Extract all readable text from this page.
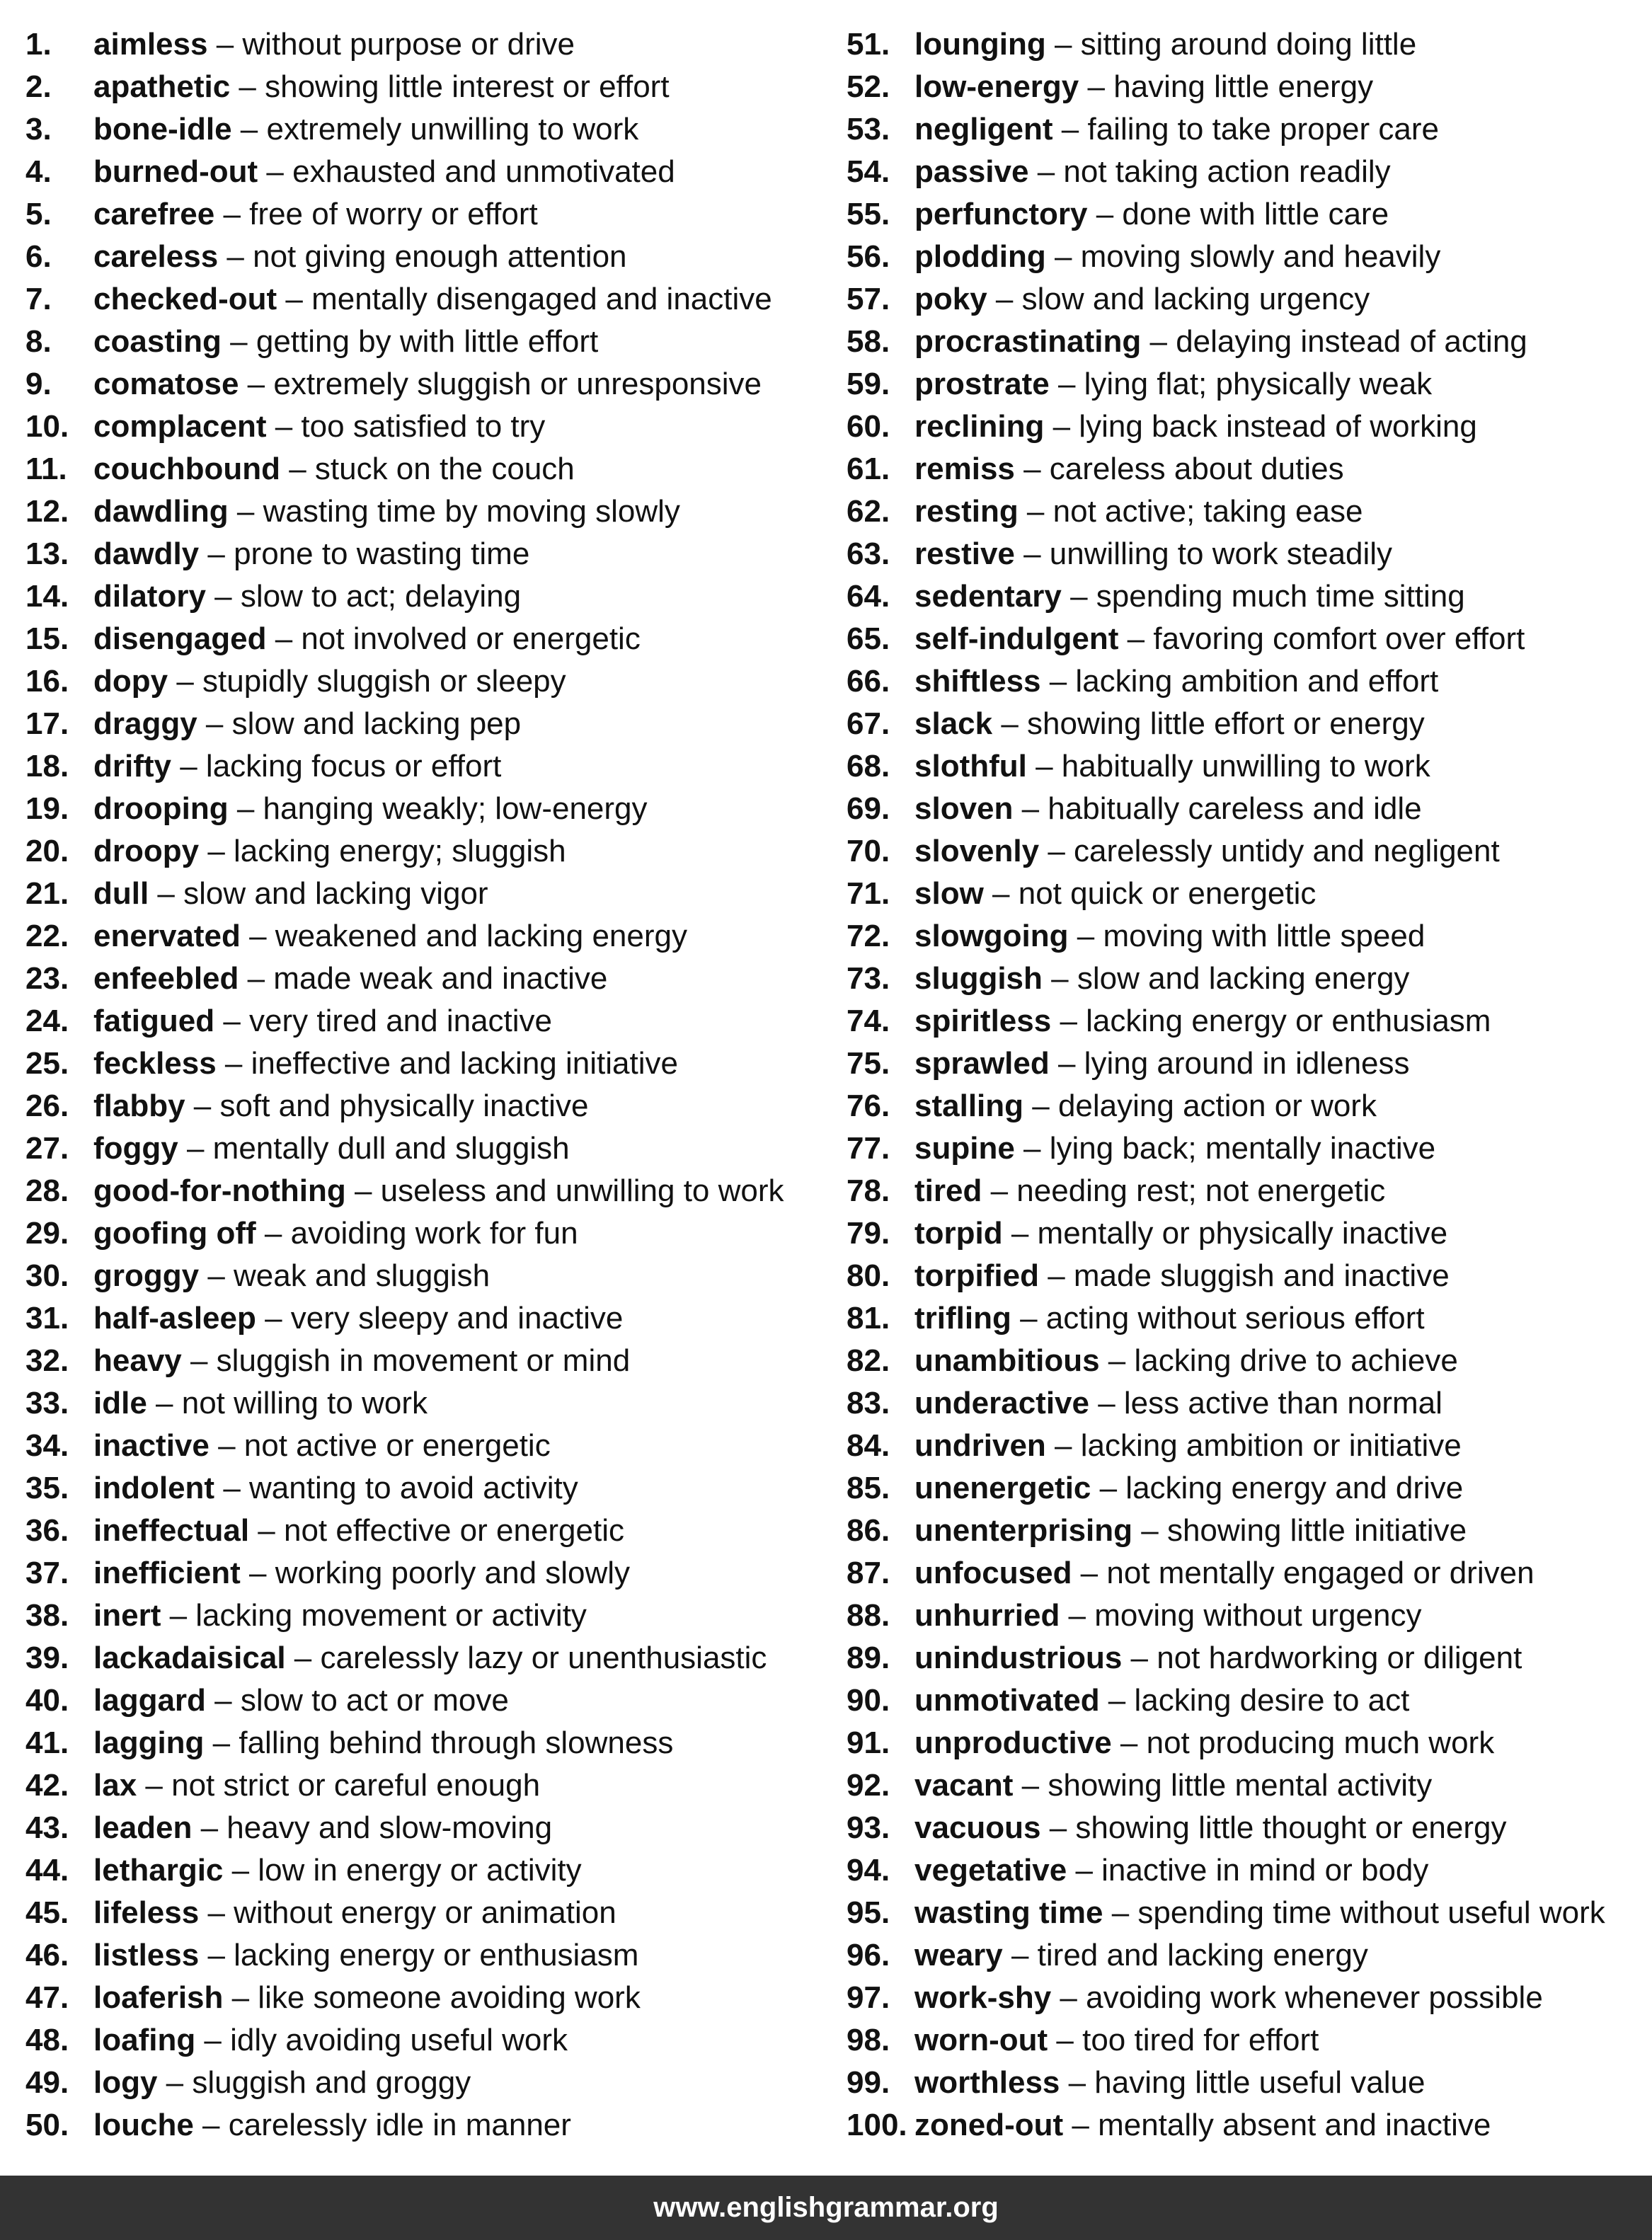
1.	aimless – without purpose or drive
2.	apathetic – showing little interest or effort
3.	bone-idle – extremely unwilling to work
4.	burned-out – exhausted and unmotivated
5.	carefree – free of worry or effort
6.	careless – not giving enough attention
7.	checked-out – mentally disengaged and inactive
8.	coasting – getting by with little effort
9.	comatose – extremely sluggish or unresponsive
10. complacent – too satisfied to try
11. couchbound – stuck on the couch
12. dawdling – wasting time by moving slowly
13. dawdly – prone to wasting time
14. dilatory – slow to act; delaying
15. disengaged – not involved or energetic
16. dopy – stupidly sluggish or sleepy
17. draggy – slow and lacking pep
18. drifty – lacking focus or effort
19. drooping – hanging weakly; low-energy
20. droopy – lacking energy; sluggish
21. dull – slow and lacking vigor
22. enervated – weakened and lacking energy
23. enfeebled – made weak and inactive
24. fatigued – very tired and inactive
25. feckless – ineffective and lacking initiative
26. flabby – soft and physically inactive
27. foggy – mentally dull and sluggish
28. good-for-nothing – useless and unwilling to work
29. goofing off – avoiding work for fun
30. groggy – weak and sluggish
31. half-asleep – very sleepy and inactive
32. heavy – sluggish in movement or mind
33. idle – not willing to work
34. inactive – not active or energetic
35. indolent – wanting to avoid activity
36. ineffectual – not effective or energetic
37. inefficient – working poorly and slowly
38. inert – lacking movement or activity
39. lackadaisical – carelessly lazy or unenthusiastic
40. laggard – slow to act or move
41. lagging – falling behind through slowness
42. lax – not strict or careful enough
43. leaden – heavy and slow-moving
44. lethargic – low in energy or activity
45. lifeless – without energy or animation
46. listless – lacking energy or enthusiasm
47. loaferish – like someone avoiding work
48. loafing – idly avoiding useful work
49. logy – sluggish and groggy
50. louche – carelessly idle in manner
51. lounging – sitting around doing little
52. low-energy – having little energy
53. negligent – failing to take proper care
54. passive – not taking action readily
55. perfunctory – done with little care
56. plodding – moving slowly and heavily
57. poky – slow and lacking urgency
58. procrastinating – delaying instead of acting
59. prostrate – lying flat; physically weak
60. reclining – lying back instead of working
61. remiss – careless about duties
62. resting – not active; taking ease
63. restive – unwilling to work steadily
64. sedentary – spending much time sitting
65. self-indulgent – favoring comfort over effort
66. shiftless – lacking ambition and effort
67. slack – showing little effort or energy
68. slothful – habitually unwilling to work
69. sloven – habitually careless and idle
70. slovenly – carelessly untidy and negligent
71. slow – not quick or energetic
72. slowgoing – moving with little speed
73. sluggish – slow and lacking energy
74. spiritless – lacking energy or enthusiasm
75. sprawled – lying around in idleness
76. stalling – delaying action or work
77. supine – lying back; mentally inactive
78. tired – needing rest; not energetic
79. torpid – mentally or physically inactive
80. torpified – made sluggish and inactive
81. trifling – acting without serious effort
82. unambitious – lacking drive to achieve
83. underactive – less active than normal
84. undriven – lacking ambition or initiative
85. unenergetic – lacking energy and drive
86. unenterprising – showing little initiative
87. unfocused – not mentally engaged or driven
88. unhurried – moving without urgency
89. unindustrious – not hardworking or diligent
90. unmotivated – lacking desire to act
91. unproductive – not producing much work
92. vacant – showing little mental activity
93. vacuous – showing little thought or energy
94. vegetative – inactive in mind or body
95. wasting time – spending time without useful work
96. weary – tired and lacking energy
97. work-shy – avoiding work whenever possible
98. worn-out – too tired for effort
99. worthless – having little useful value
100. zoned-out – mentally absent and inactive
www.englishgrammar.org
